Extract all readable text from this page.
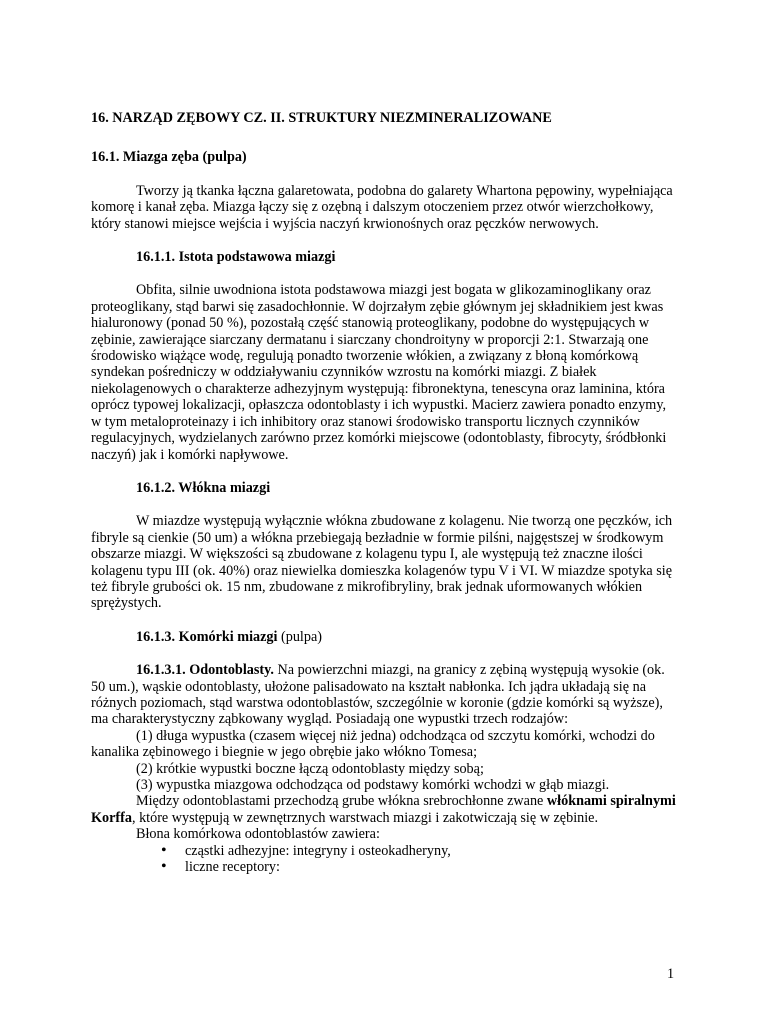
16. NARZĄD ZĘBOWY CZ. II. STRUKTURY NIEZMINERALIZOWANE
16.1. Miazga zęba (pulpa)

Tworzy ją tkanka łączna galaretowata, podobna do galarety Whartona pępowiny, wypełniająca komorę i kanał zęba. Miazga łączy się z ozębną i dalszym otoczeniem przez otwór wierzchołkowy, który stanowi miejsce wejścia i wyjścia naczyń krwionośnych oraz pęczków nerwowych.

16.1.1. Istota podstawowa miazgi

Obfita, silnie uwodniona istota podstawowa miazgi jest bogata w glikozaminoglikany oraz proteoglikany, stąd barwi się zasadochłonnie. W dojrzałym zębie głównym jej składnikiem jest kwas hialuronowy (ponad 50 %), pozostałą część stanowią proteoglikany, podobne do występujących w zębinie, zawierające siarczany dermatanu i siarczany chondroityny w proporcji 2:1. Stwarzają one środowisko wiążące wodę, regulują ponadto tworzenie włókien, a związany z błoną komórkową syndekan pośredniczy w oddziaływaniu czynników wzrostu na komórki miazgi. Z białek niekolagenowych o charakterze adhezyjnym występują: fibronektyna, tenescyna oraz laminina, która oprócz typowej lokalizacji, opłaszcza odontoblasty i ich wypustki. Macierz zawiera ponadto enzymy, w tym metaloproteinazy i ich inhibitory oraz stanowi środowisko transportu licznych czynników regulacyjnych, wydzielanych zarówno przez komórki miejscowe (odontoblasty, fibrocyty, śródbłonki naczyń) jak i komórki napływowe.

16.1.2. Włókna miazgi

W miazdze występują wyłącznie włókna zbudowane z kolagenu. Nie tworzą one pęczków, ich fibryle są cienkie (50 um) a włókna przebiegają bezładnie w formie pilśni, najgęstszej w środkowym obszarze miazgi. W większości są zbudowane z kolagenu typu I, ale występują też znaczne ilości kolagenu typu III (ok. 40%) oraz niewielka domieszka kolagenów typu V i VI. W miazdze spotyka się też fibryle grubości ok. 15 nm, zbudowane z mikrofibryliny, brak jednak uformowanych włókien sprężystych.

16.1.3. Komórki miazgi (pulpa)

16.1.3.1. Odontoblasty. Na powierzchni miazgi, na granicy z zębiną występują wysokie (ok. 50 um.), wąskie odontoblasty, ułożone palisadowato na kształt nabłonka. Ich jądra układają się na różnych poziomach, stąd warstwa odontoblastów, szczególnie w koronie (gdzie komórki są wyższe), ma charakterystyczny ząbkowany wygląd. Posiadają one wypustki trzech rodzajów:

(1) długa wypustka (czasem więcej niż jedna) odchodząca od szczytu komórki, wchodzi do kanalika zębinowego i biegnie w jego obrębie jako włókno Tomesa;

(2) krótkie wypustki boczne łączą odontoblasty między sobą;

(3) wypustka miazgowa odchodząca od podstawy komórki wchodzi w głąb miazgi.

Między odontoblastami przechodzą grube włókna srebrochłonne zwane włóknami spiralnymi Korffa, które występują w zewnętrznych warstwach miazgi i zakotwiczają się w zębinie.

Błona komórkowa odontoblastów zawiera:

• cząstki adhezyjne: integryny i osteokadheryny,
• liczne receptory:
1
